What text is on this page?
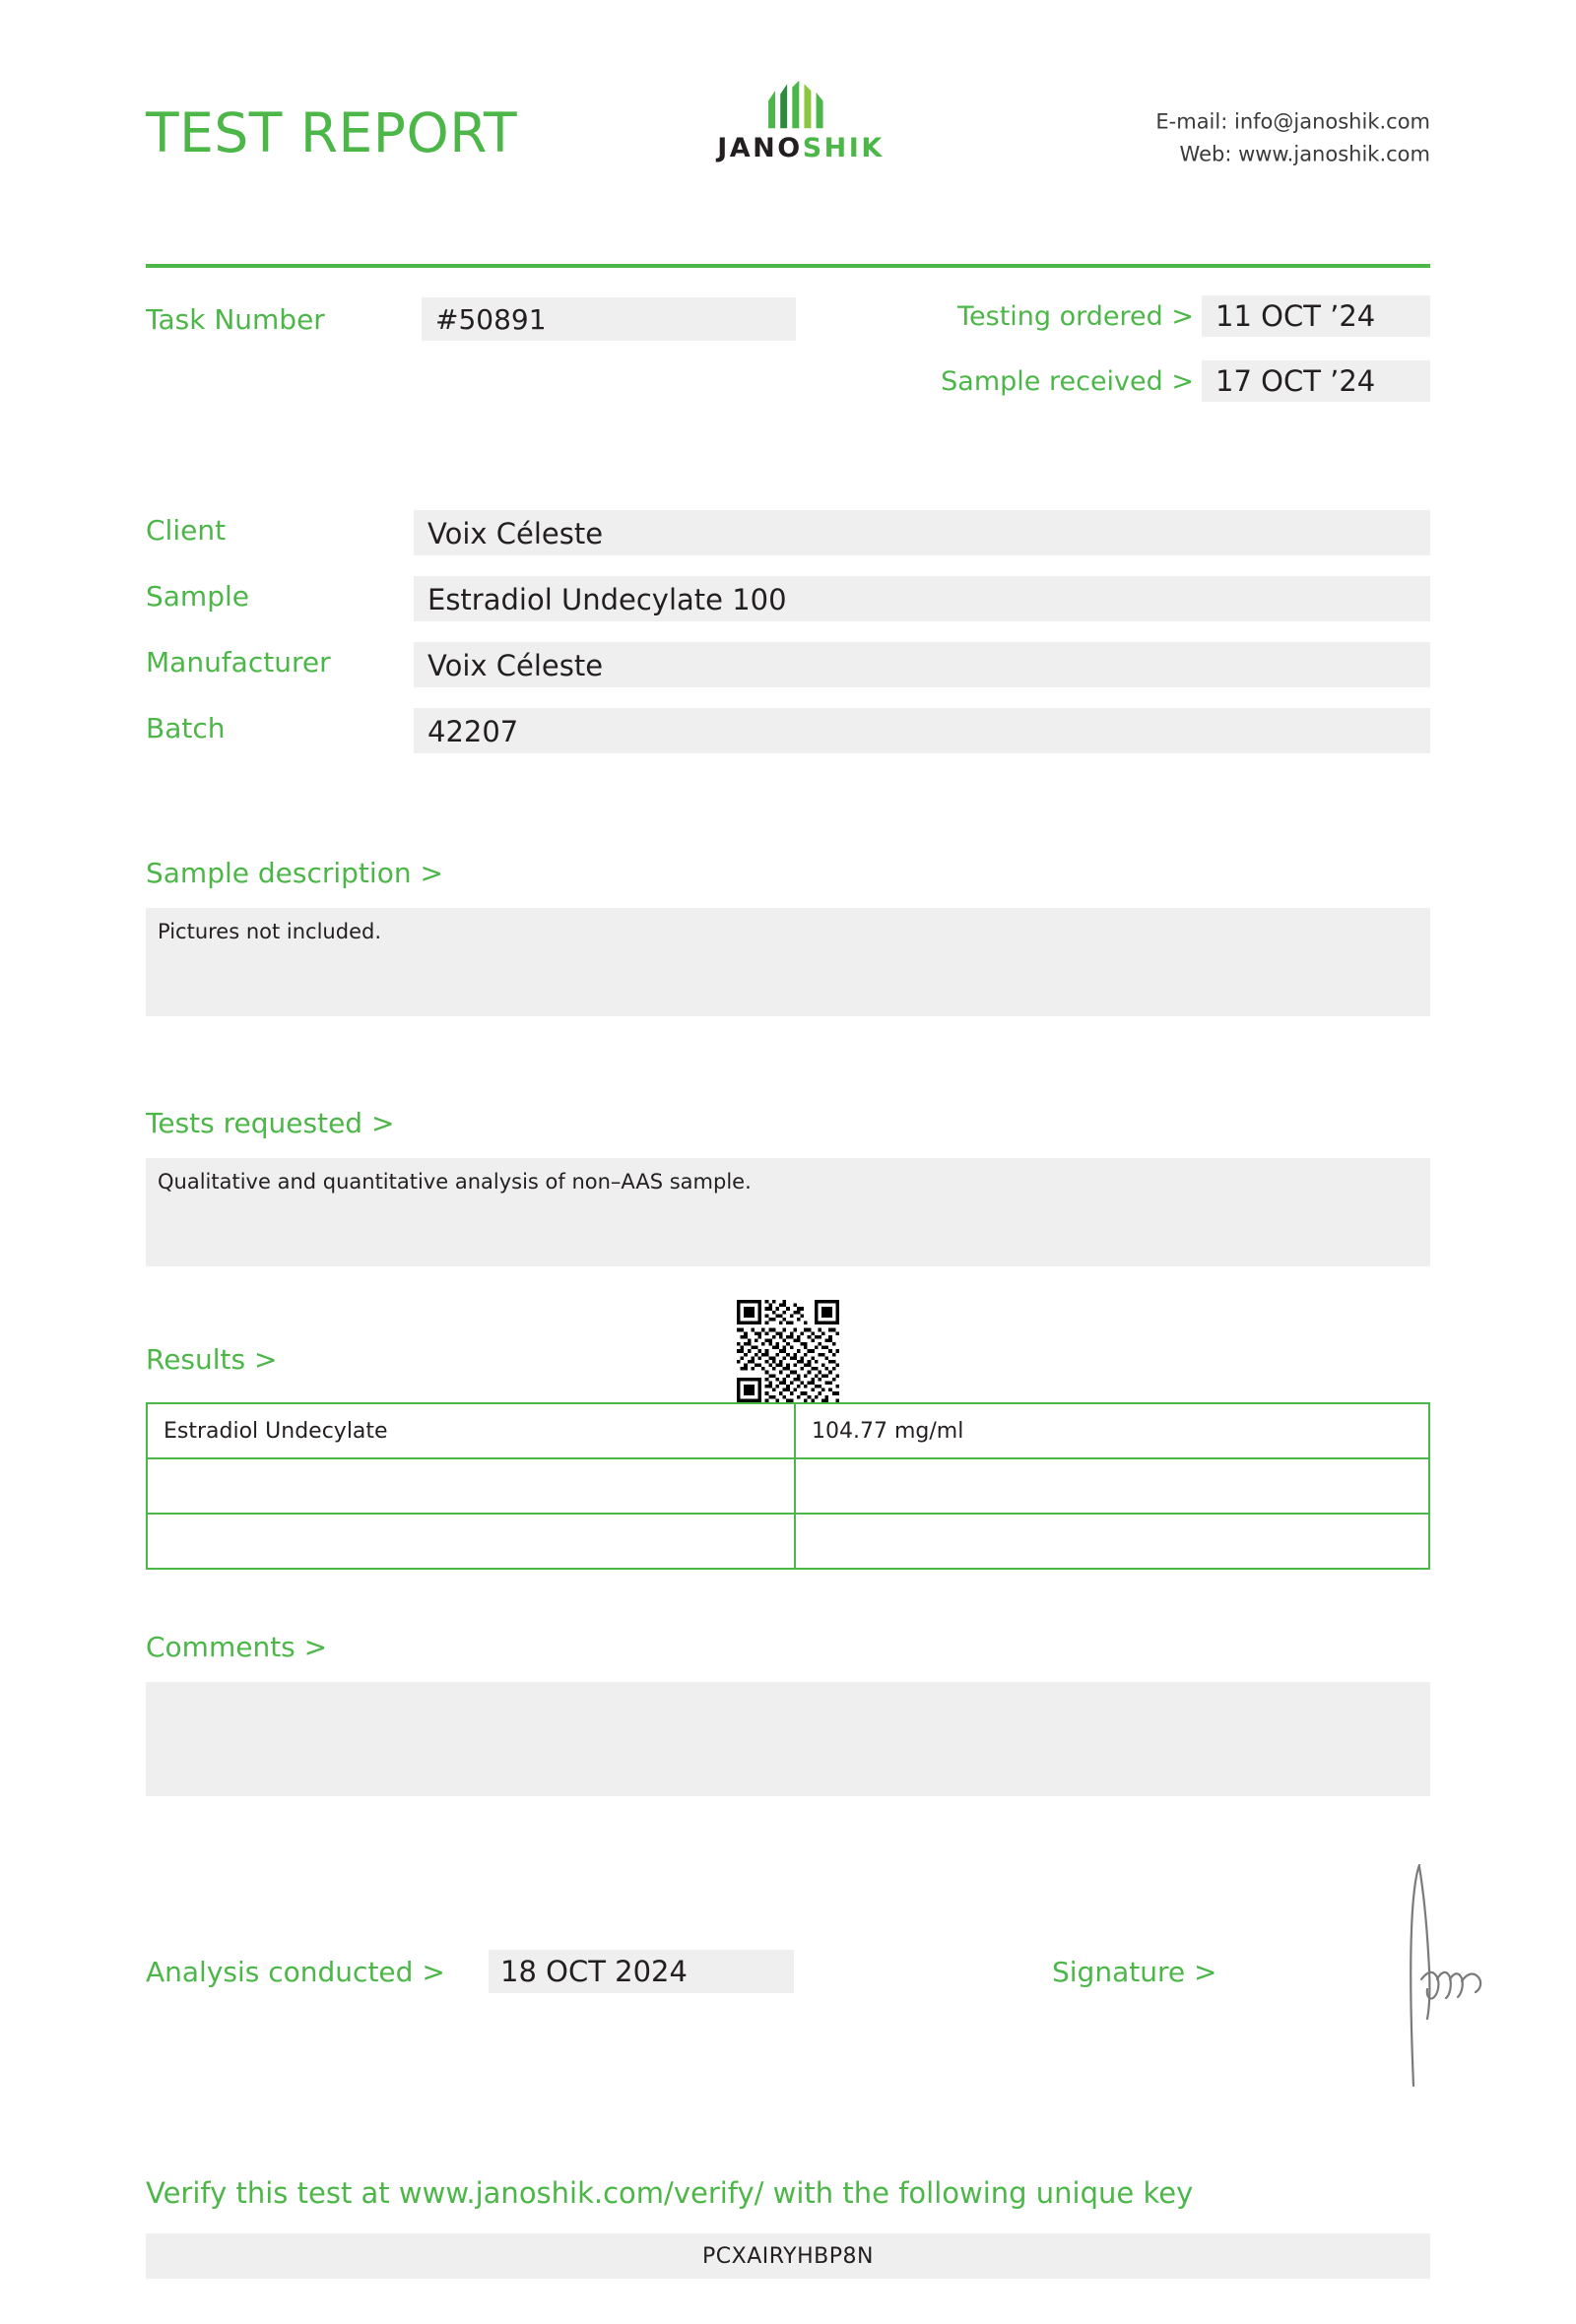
TEST REPORT	JANOSHIK
E-mail: info@janoshik.com
Web: www.janoshik.com
Task Number	#50891	Testing ordered > 11 OCT ’24
Sample received > 17 OCT ’24
Client	Voix Céleste
Sample	Estradiol Undecylate 100
Manufacturer	Voix Céleste
Batch	42207
Sample description >
Pictures not included.
Tests requested >
Qualitative and quantitative analysis of non–AAS sample.
Results >
Estradiol Undecylate	104.77 mg/ml

Comments >
Analysis conducted >	18 OCT 2024	Signature >
Verify this test at www.janoshik.com/verify/ with the following unique key
PCXAIRYHBP8N
